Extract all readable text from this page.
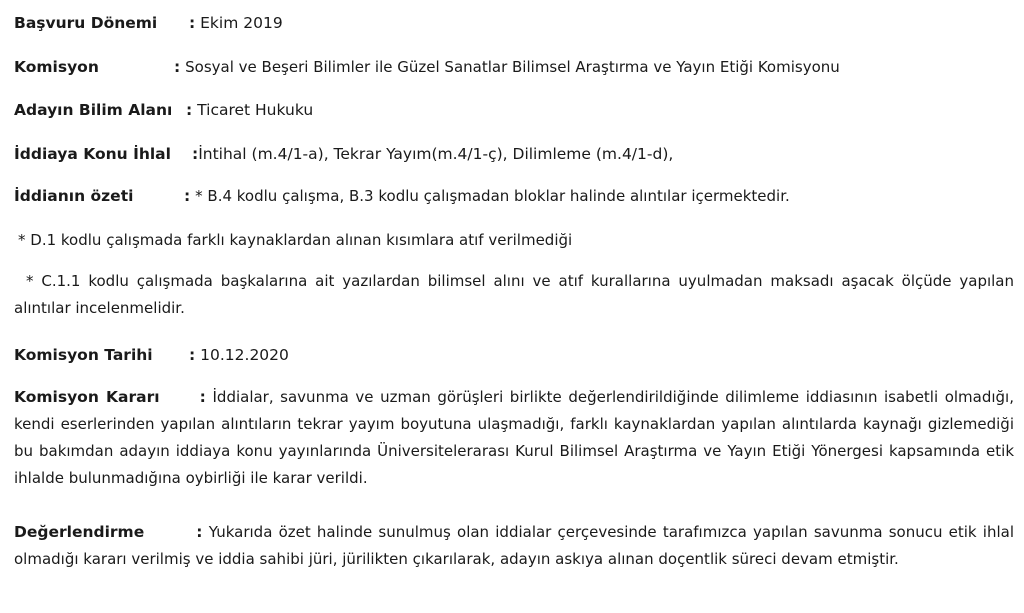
Başvuru Dönemi : Ekim 2019
Komisyon	: Sosyal ve Beşeri Bilimler ile Güzel Sanatlar Bilimsel Araştırma ve Yayın Etiği Komisyonu
Adayın Bilim Alanı : Ticaret Hukuku
İddiaya Konu İhlal :İntihal (m.4/1-a), Tekrar Yayım(m.4/1-ç), Dilimleme (m.4/1-d),
İddianın özeti	: * B.4 kodlu çalışma, B.3 kodlu çalışmadan bloklar halinde alıntılar içermektedir.
* D.1 kodlu çalışmada farklı kaynaklardan alınan kısımlara atıf verilmediği
* C.1.1 kodlu çalışmada başkalarına ait yazılardan bilimsel alını ve atıf kurallarına uyulmadan maksadı aşacak ölçüde yapılan alıntılar incelenmelidir.
Komisyon Tarihi : 10.12.2020
Komisyon Kararı	: İddialar, savunma ve uzman görüşleri birlikte değerlendirildiğinde dilimleme iddiasının isabetli olmadığı, kendi eserlerinden yapılan alıntıların tekrar yayım boyutuna ulaşmadığı, farklı kaynaklardan yapılan alıntılarda kaynağı gizlemediği bu bakımdan adayın iddiaya konu yayınlarında Üniversitelerarası Kurul Bilimsel Araştırma ve Yayın Etiği Yönergesi kapsamında etik ihlalde bulunmadığına oybirliği ile karar verildi.
Değerlendirme	: Yukarıda özet halinde sunulmuş olan iddialar çerçevesinde tarafımızca yapılan savunma sonucu etik ihlal olmadığı kararı verilmiş ve iddia sahibi jüri, jürilikten çıkarılarak, adayın askıya alınan doçentlik süreci devam etmiştir.
